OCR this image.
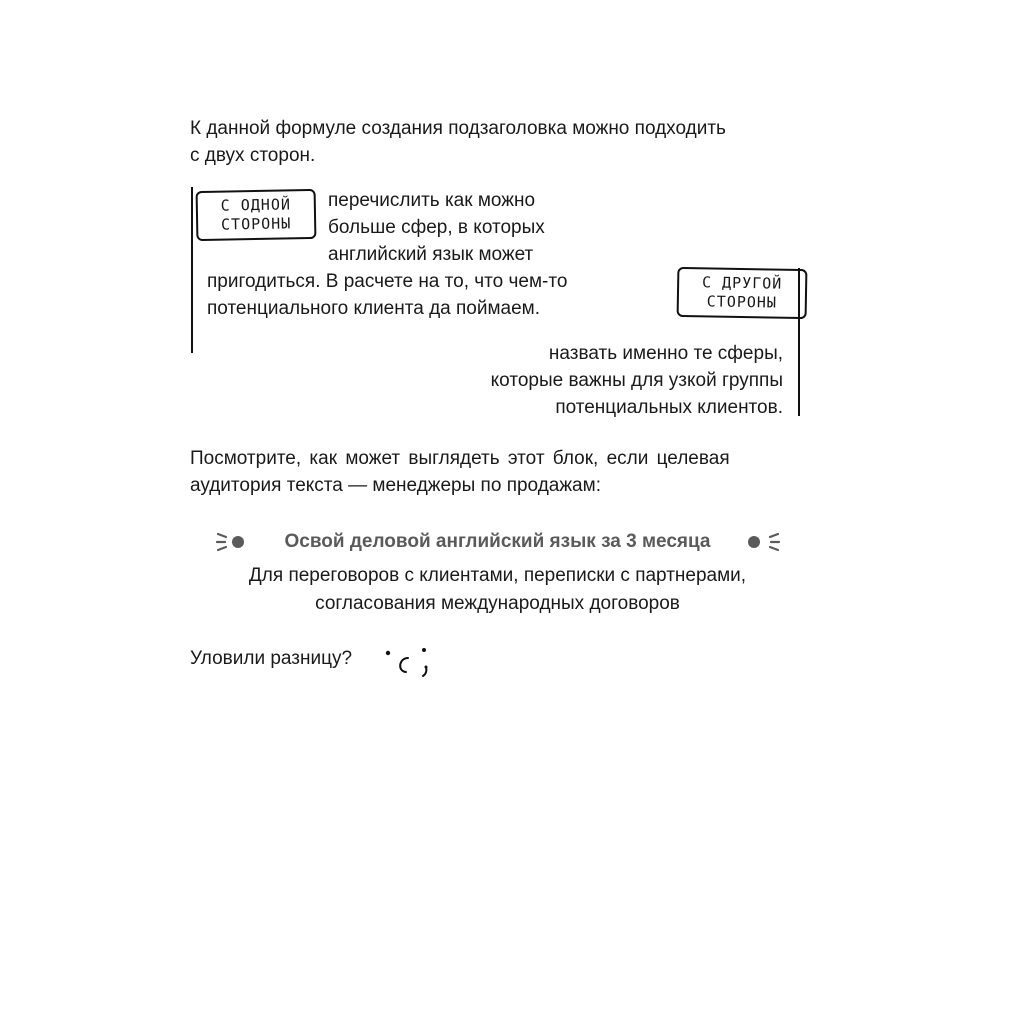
К данной формуле создания подзаголовка можно подходить
с двух сторон.

С ОДНОЙ
СТОРОНЫ

перечислить как можно
больше сфер, в которых
английский язык может

пригодиться. В расчете на то, что чем-то
потенциального клиента да поймаем.

С ДРУГОЙ
СТОРОНЫ

назвать именно те сферы,
которые важны для узкой группы
потенциальных клиентов.

Посмотрите, как может выглядеть этот блок, если целевая
аудитория текста — менеджеры по продажам:

Освой деловой английский язык за 3 месяца
Для переговоров с клиентами, переписки с партнерами,
согласования международных договоров
Уловили разницу?
